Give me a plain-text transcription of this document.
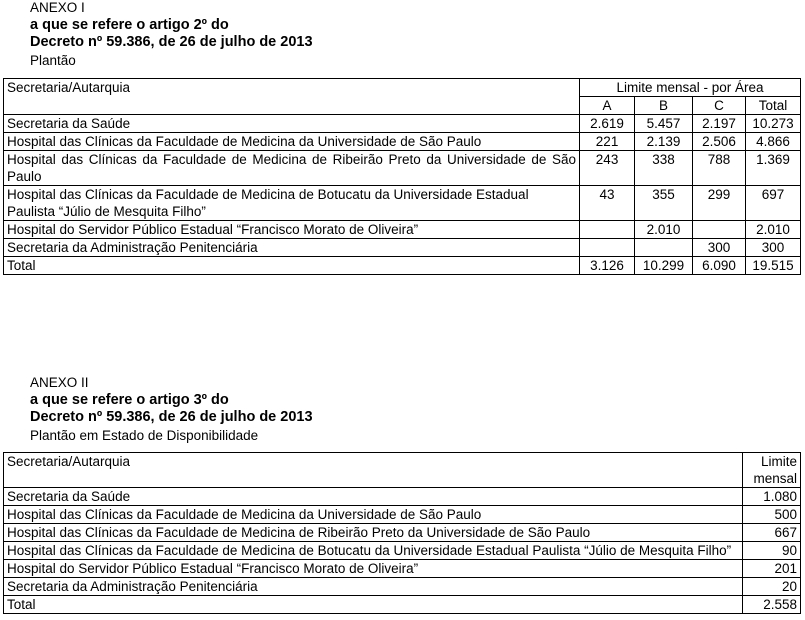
ANEXO I
a que se refere o artigo 2º do
Decreto nº 59.386, de 26 de julho de 2013
Plantão
Secretaria/Autarquia	Limite mensal - por Área			
	A	B	C	Total
Secretaria da Saúde	2.619	5.457	2.197	10.273
Hospital das Clínicas da Faculdade de Medicina da Universidade de São Paulo	221	2.139	2.506	4.866
Hospital das Clínicas da Faculdade de Medicina de Ribeirão Preto da Universidade de São Paulo	243	338	788	1.369
Hospital das Clínicas da Faculdade de Medicina de Botucatu da Universidade Estadual Paulista “Júlio de Mesquita Filho”	43	355	299	697
Hospital do Servidor Público Estadual “Francisco Morato de Oliveira”		2.010		2.010
Secretaria da Administração Penitenciária			300	300
Total	3.126	10.299	6.090	19.515
ANEXO II
a que se refere o artigo 3º do
Decreto nº 59.386, de 26 de julho de 2013
Plantão em Estado de Disponibilidade
Secretaria/Autarquia	Limite mensal
Secretaria da Saúde	1.080
Hospital das Clínicas da Faculdade de Medicina da Universidade de São Paulo	500
Hospital das Clínicas da Faculdade de Medicina de Ribeirão Preto da Universidade de São Paulo	667
Hospital das Clínicas da Faculdade de Medicina de Botucatu da Universidade Estadual Paulista “Júlio de Mesquita Filho”	90
Hospital do Servidor Público Estadual “Francisco Morato de Oliveira”	201
Secretaria da Administração Penitenciária	20
Total	2.558
